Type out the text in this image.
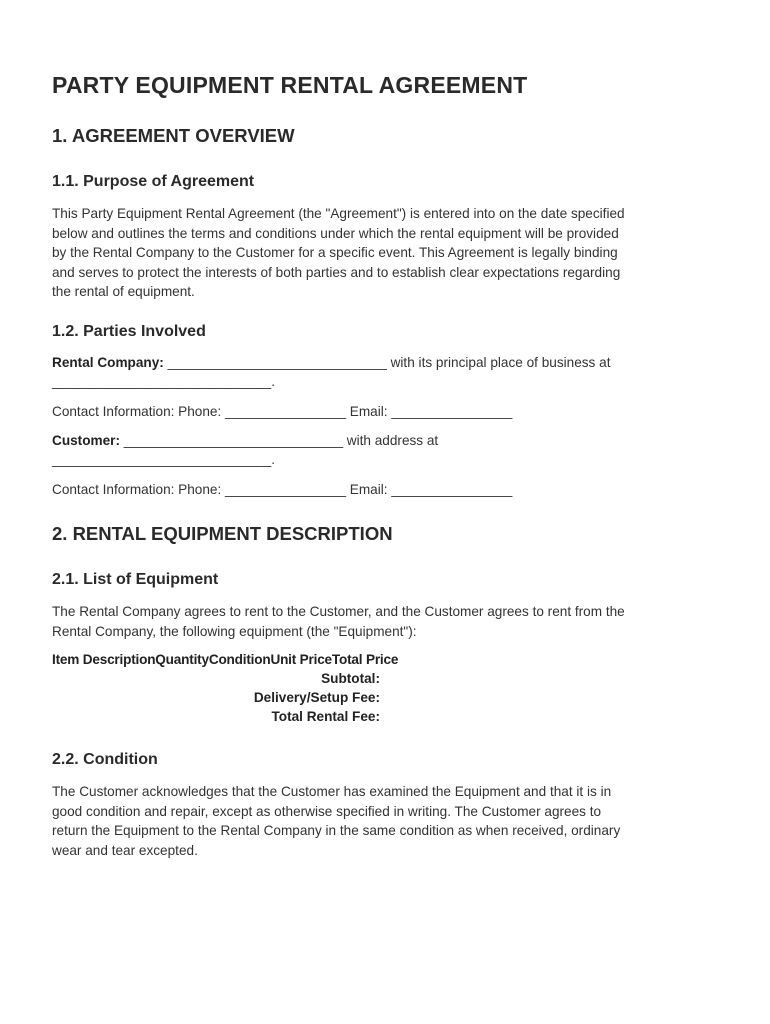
PARTY EQUIPMENT RENTAL AGREEMENT
1. AGREEMENT OVERVIEW
1.1. Purpose of Agreement
This Party Equipment Rental Agreement (the "Agreement") is entered into on the date specified
below and outlines the terms and conditions under which the rental equipment will be provided
by the Rental Company to the Customer for a specific event. This Agreement is legally binding
and serves to protect the interests of both parties and to establish clear expectations regarding
the rental of equipment.
1.2. Parties Involved
Rental Company: _____________________________ with its principal place of business at
_____________________________.
Contact Information: Phone: ________________ Email: ________________
Customer: _____________________________ with address at
_____________________________.
Contact Information: Phone: ________________ Email: ________________
2. RENTAL EQUIPMENT DESCRIPTION
2.1. List of Equipment
The Rental Company agrees to rent to the Customer, and the Customer agrees to rent from the
Rental Company, the following equipment (the "Equipment"):
Item DescriptionQuantityConditionUnit PriceTotal Price
Subtotal:
Delivery/Setup Fee:
Total Rental Fee:
2.2. Condition
The Customer acknowledges that the Customer has examined the Equipment and that it is in
good condition and repair, except as otherwise specified in writing. The Customer agrees to
return the Equipment to the Rental Company in the same condition as when received, ordinary
wear and tear excepted.
